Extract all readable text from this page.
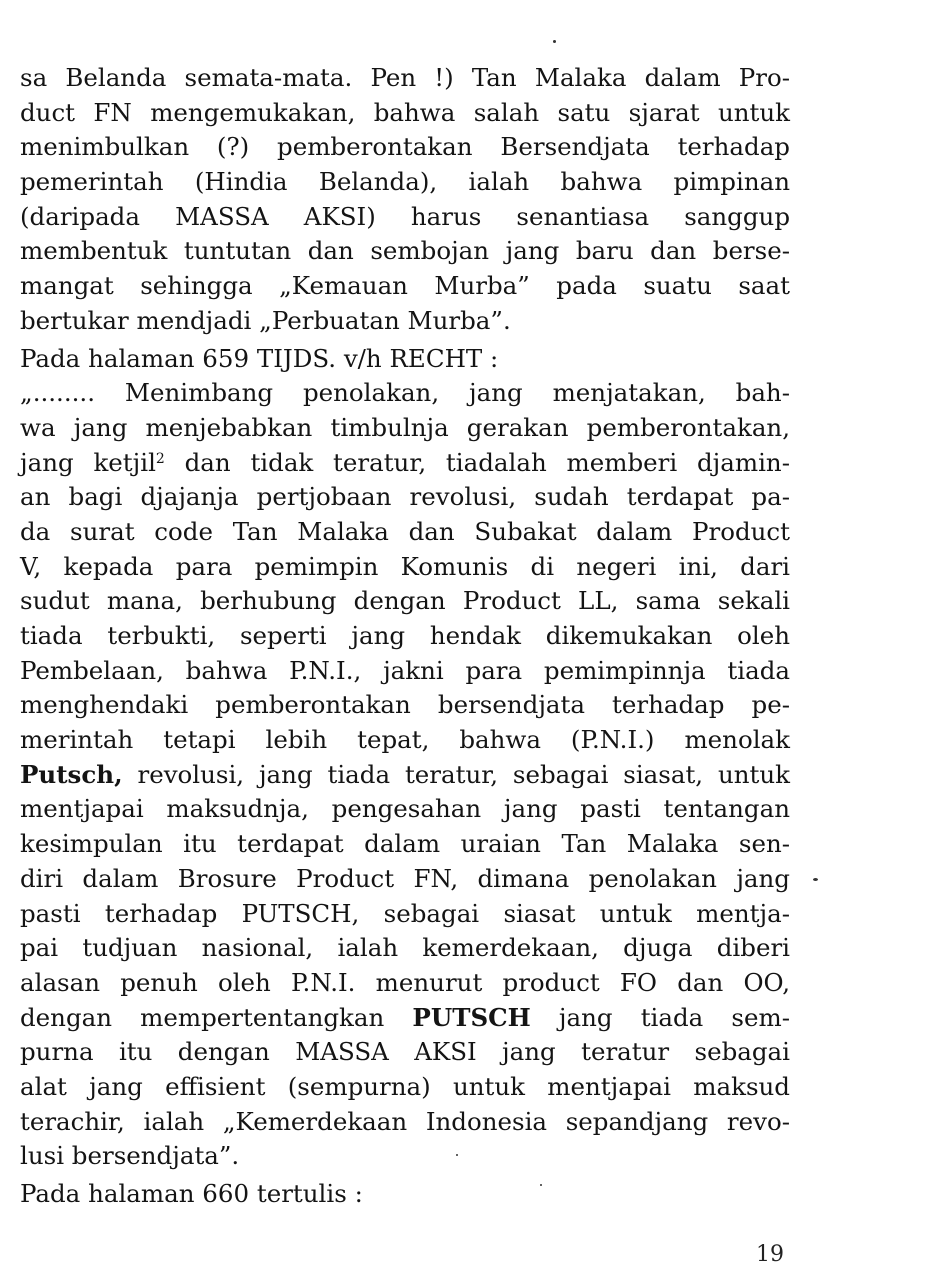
sa Belanda semata-mata. Pen !) Tan Malaka dalam Pro-
duct FN mengemukakan, bahwa salah satu sjarat untuk
menimbulkan (?) pemberontakan Bersendjata terhadap
pemerintah (Hindia Belanda), ialah bahwa pimpinan
(daripada MASSA AKSI) harus senantiasa sanggup
membentuk tuntutan dan sembojan jang baru dan berse-
mangat sehingga „Kemauan Murba” pada suatu saat
bertukar mendjadi „Perbuatan Murba”.
Pada halaman 659 TIJDS. v/h RECHT :
„........ Menimbang penolakan, jang menjatakan, bah-
wa jang menjebabkan timbulnja gerakan pemberontakan,
jang ketjil$^2$ dan tidak teratur, tiadalah memberi djamin-
an bagi djajanja pertjobaan revolusi, sudah terdapat pa-
da surat code Tan Malaka dan Subakat dalam Product
V, kepada para pemimpin Komunis di negeri ini, dari
sudut mana, berhubung dengan Product LL, sama sekali
tiada terbukti, seperti jang hendak dikemukakan oleh
Pembelaan, bahwa P.N.I., jakni para pemimpinnja tiada
menghendaki pemberontakan bersendjata terhadap pe-
merintah tetapi lebih tepat, bahwa (P.N.I.) menolak
Putsch, revolusi, jang tiada teratur, sebagai siasat, untuk
mentjapai maksudnja, pengesahan jang pasti tentangan
kesimpulan itu terdapat dalam uraian Tan Malaka sen-
diri dalam Brosure Product FN, dimana penolakan jang
pasti terhadap PUTSCH, sebagai siasat untuk mentja-
pai tudjuan nasional, ialah kemerdekaan, djuga diberi
alasan penuh oleh P.N.I. menurut product FO dan OO,
dengan mempertentangkan PUTSCH jang tiada sem-
purna itu dengan MASSA AKSI jang teratur sebagai
alat jang effisient (sempurna) untuk mentjapai maksud
terachir, ialah „Kemerdekaan Indonesia sepandjang revo-
lusi bersendjata”.
Pada halaman 660 tertulis :
19
